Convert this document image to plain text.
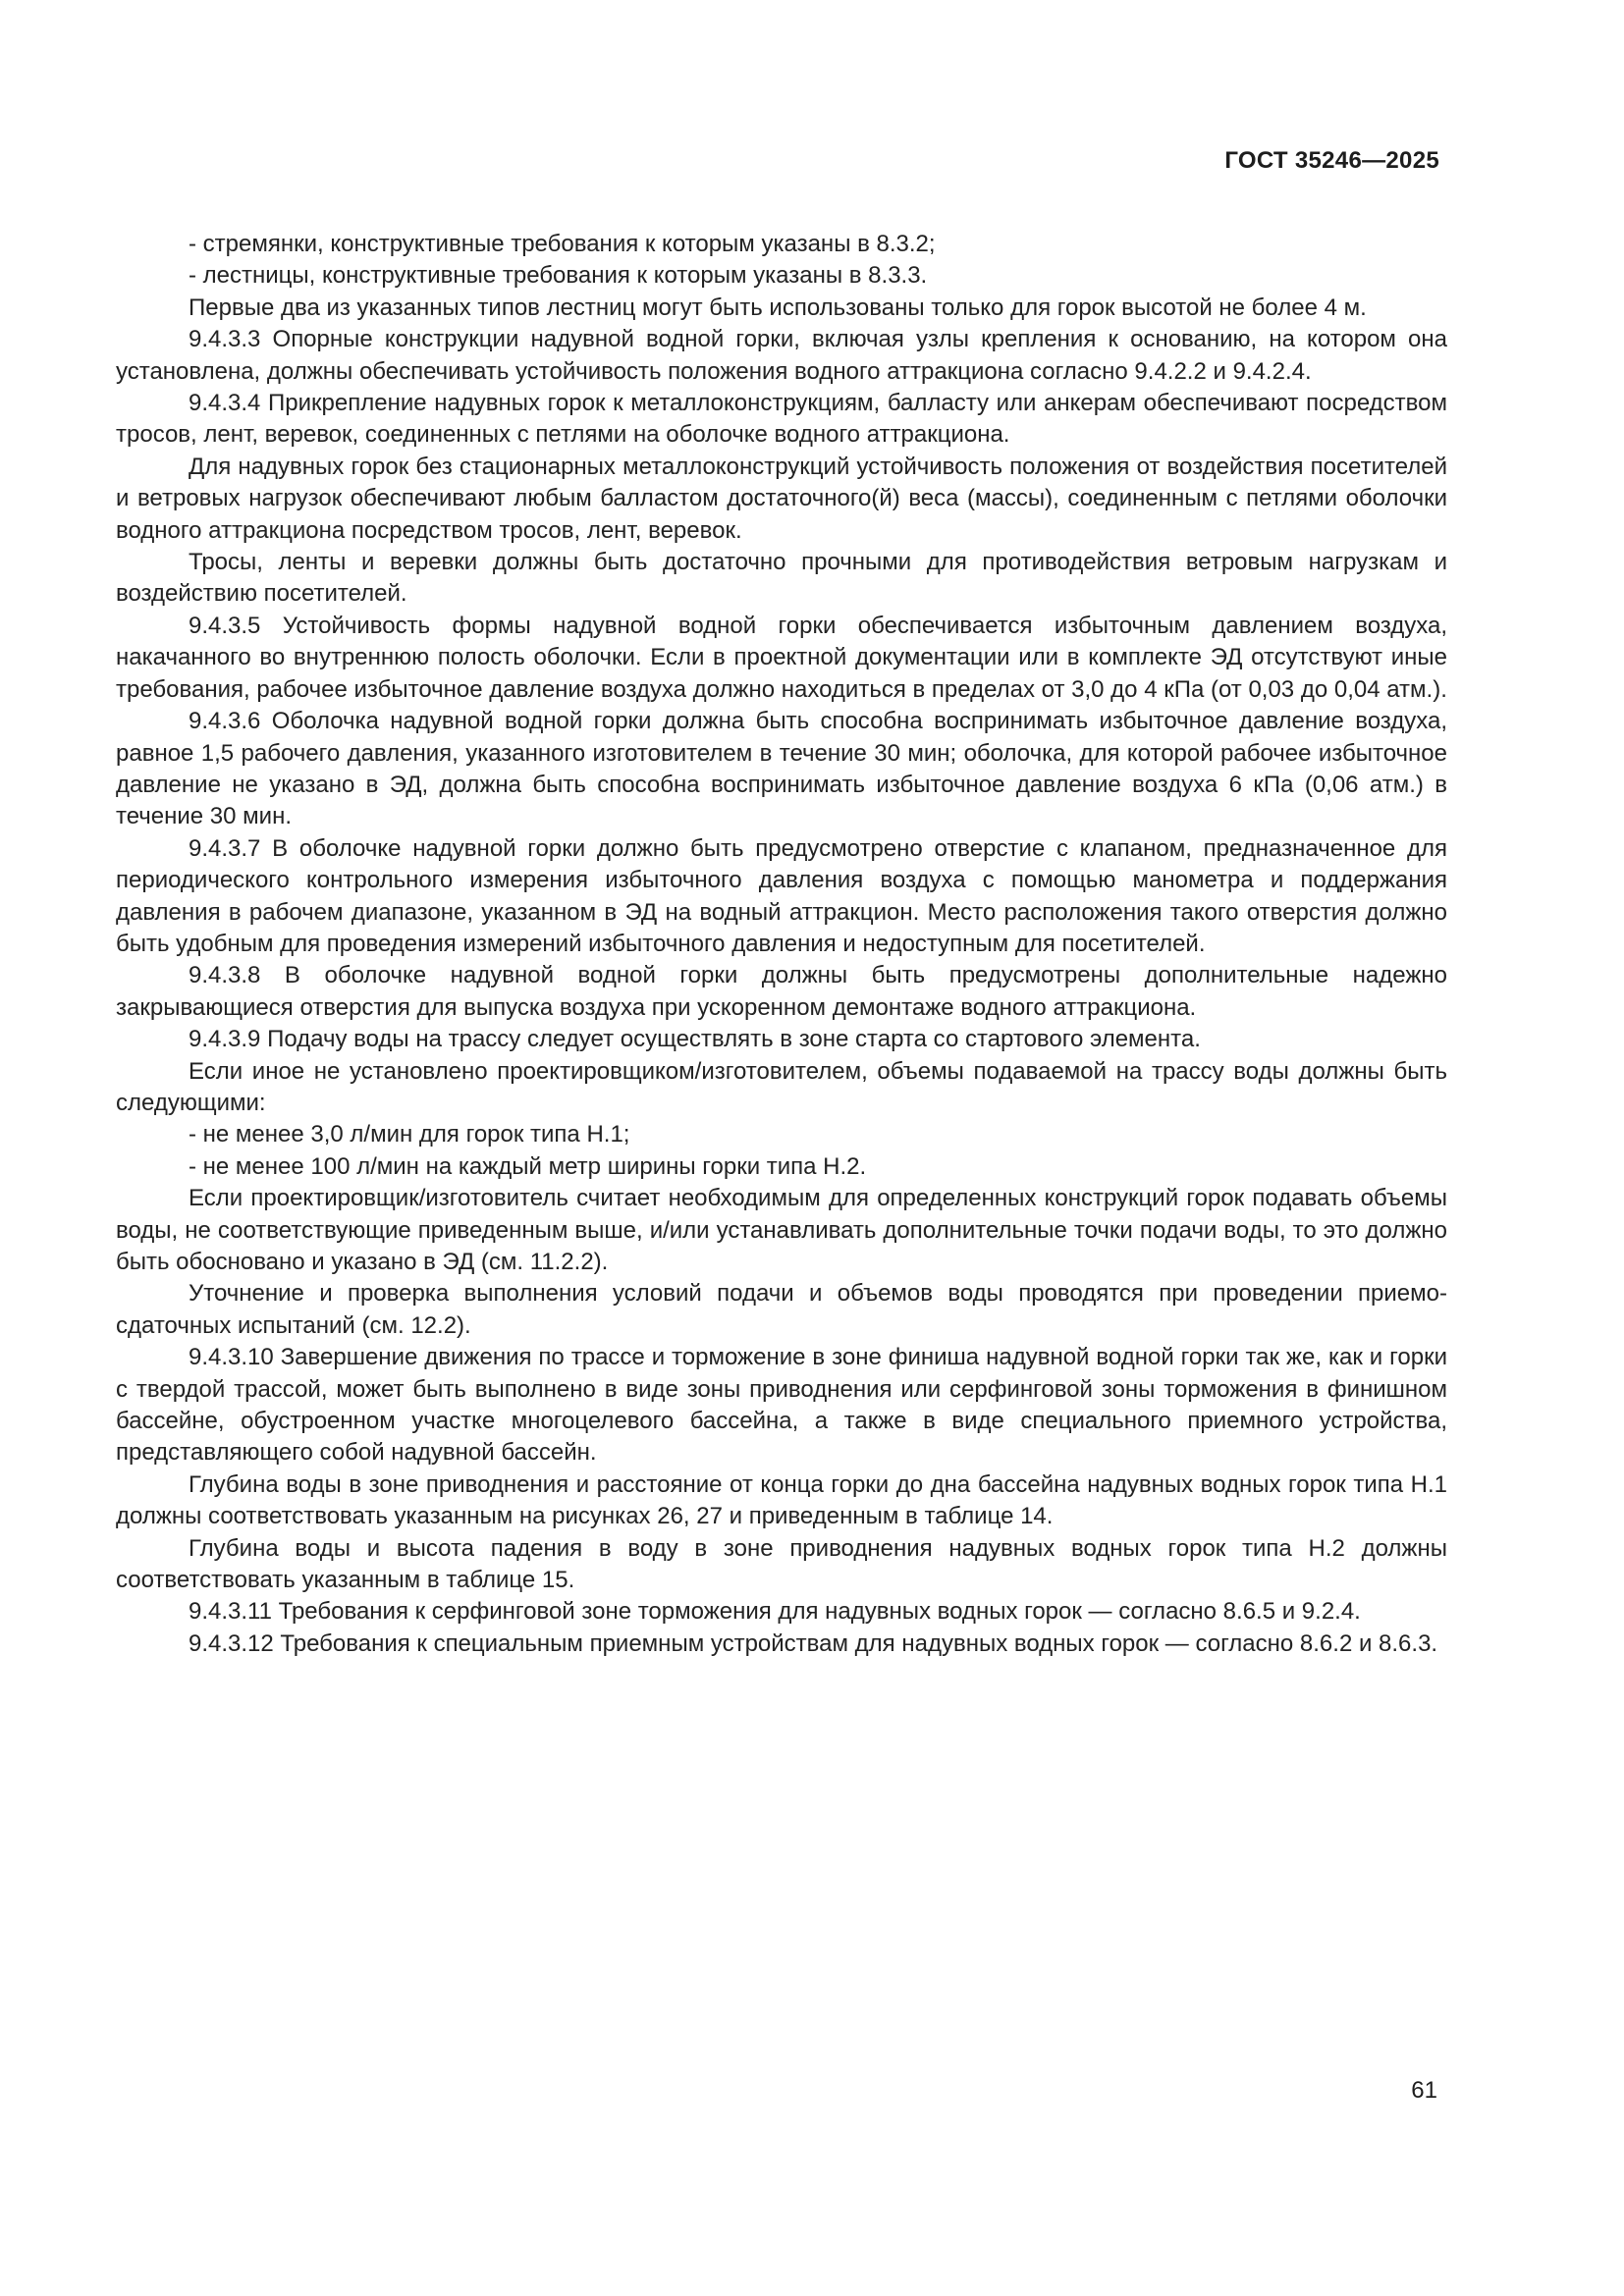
ГОСТ 35246—2025

- стремянки, конструктивные требования к которым указаны в 8.3.2;

- лестницы, конструктивные требования к которым указаны в 8.3.3.

Первые два из указанных типов лестниц могут быть использованы только для горок высотой не более 4 м.

9.4.3.3 Опорные конструкции надувной водной горки, включая узлы крепления к основанию, на котором она установлена, должны обеспечивать устойчивость положения водного аттракциона согласно 9.4.2.2 и 9.4.2.4.

9.4.3.4 Прикрепление надувных горок к металлоконструкциям, балласту или анкерам обеспечивают посредством тросов, лент, веревок, соединенных с петлями на оболочке водного аттракциона.

Для надувных горок без стационарных металлоконструкций устойчивость положения от воздействия посетителей и ветровых нагрузок обеспечивают любым балластом достаточного(й) веса (массы), соединенным с петлями оболочки водного аттракциона посредством тросов, лент, веревок.

Тросы, ленты и веревки должны быть достаточно прочными для противодействия ветровым нагрузкам и воздействию посетителей.

9.4.3.5 Устойчивость формы надувной водной горки обеспечивается избыточным давлением воздуха, накачанного во внутреннюю полость оболочки. Если в проектной документации или в комплекте ЭД отсутствуют иные требования, рабочее избыточное давление воздуха должно находиться в пределах от 3,0 до 4 кПа (от 0,03 до 0,04 атм.).

9.4.3.6 Оболочка надувной водной горки должна быть способна воспринимать избыточное давление воздуха, равное 1,5 рабочего давления, указанного изготовителем в течение 30 мин; оболочка, для которой рабочее избыточное давление не указано в ЭД, должна быть способна воспринимать избыточное давление воздуха 6 кПа (0,06 атм.) в течение 30 мин.

9.4.3.7 В оболочке надувной горки должно быть предусмотрено отверстие с клапаном, предназначенное для периодического контрольного измерения избыточного давления воздуха с помощью манометра и поддержания давления в рабочем диапазоне, указанном в ЭД на водный аттракцион. Место расположения такого отверстия должно быть удобным для проведения измерений избыточного давления и недоступным для посетителей.

9.4.3.8 В оболочке надувной водной горки должны быть предусмотрены дополнительные надежно закрывающиеся отверстия для выпуска воздуха при ускоренном демонтаже водного аттракциона.

9.4.3.9 Подачу воды на трассу следует осуществлять в зоне старта со стартового элемента.

Если иное не установлено проектировщиком/изготовителем, объемы подаваемой на трассу воды должны быть следующими:

- не менее 3,0 л/мин для горок типа Н.1;

- не менее 100 л/мин на каждый метр ширины горки типа Н.2.

Если проектировщик/изготовитель считает необходимым для определенных конструкций горок подавать объемы воды, не соответствующие приведенным выше, и/или устанавливать дополнительные точки подачи воды, то это должно быть обосновано и указано в ЭД (см. 11.2.2).

Уточнение и проверка выполнения условий подачи и объемов воды проводятся при проведении приемо-сдаточных испытаний (см. 12.2).

9.4.3.10 Завершение движения по трассе и торможение в зоне финиша надувной водной горки так же, как и горки с твердой трассой, может быть выполнено в виде зоны приводнения или серфинговой зоны торможения в финишном бассейне, обустроенном участке многоцелевого бассейна, а также в виде специального приемного устройства, представляющего собой надувной бассейн.

Глубина воды в зоне приводнения и расстояние от конца горки до дна бассейна надувных водных горок типа Н.1 должны соответствовать указанным на рисунках 26, 27 и приведенным в таблице 14.

Глубина воды и высота падения в воду в зоне приводнения надувных водных горок типа Н.2 должны соответствовать указанным в таблице 15.

9.4.3.11 Требования к серфинговой зоне торможения для надувных водных горок — согласно 8.6.5 и 9.2.4.

9.4.3.12 Требования к специальным приемным устройствам для надувных водных горок — согласно 8.6.2 и 8.6.3.

61
